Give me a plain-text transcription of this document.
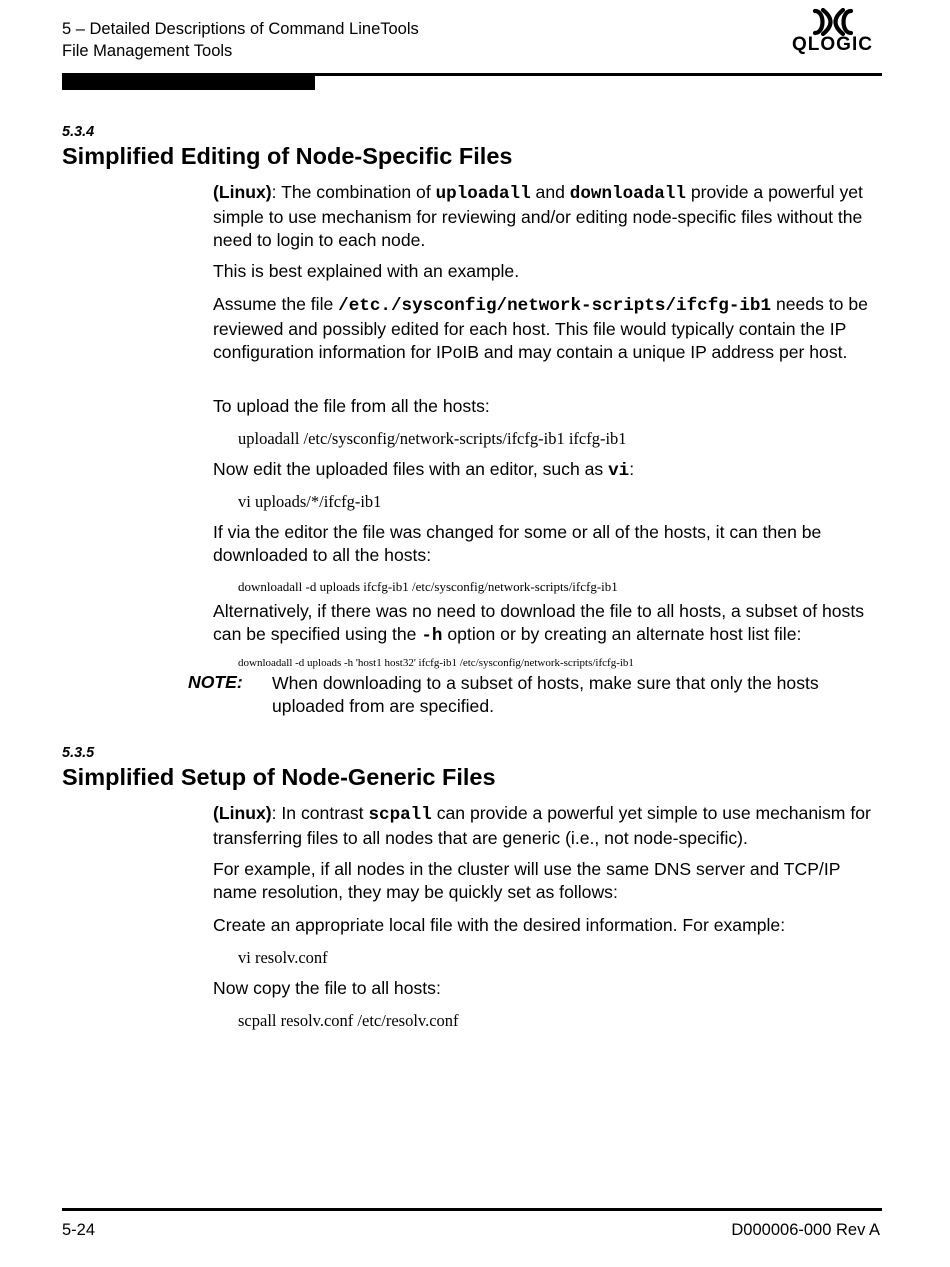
5 – Detailed Descriptions of Command LineTools
File Management Tools	QLOGIC
5.3.4
Simplified Editing of Node-Specific Files
(Linux): The combination of uploadall and downloadall provide a powerful yet simple to use mechanism for reviewing and/or editing node-specific files without the need to login to each node.
This is best explained with an example.
Assume the file /etc./sysconfig/network-scripts/ifcfg-ib1 needs to be reviewed and possibly edited for each host. This file would typically contain the IP configuration information for IPoIB and may contain a unique IP address per host.
To upload the file from all the hosts:
uploadall /etc/sysconfig/network-scripts/ifcfg-ib1 ifcfg-ib1
Now edit the uploaded files with an editor, such as vi:
vi uploads/*/ifcfg-ib1
If via the editor the file was changed for some or all of the hosts, it can then be downloaded to all the hosts:
downloadall -d uploads ifcfg-ib1 /etc/sysconfig/network-scripts/ifcfg-ib1
Alternatively, if there was no need to download the file to all hosts, a subset of hosts can be specified using the -h option or by creating an alternate host list file:
downloadall -d uploads -h 'host1 host32' ifcfg-ib1 /etc/sysconfig/network-scripts/ifcfg-ib1
NOTE: When downloading to a subset of hosts, make sure that only the hosts uploaded from are specified.
5.3.5
Simplified Setup of Node-Generic Files
(Linux): In contrast scpall can provide a powerful yet simple to use mechanism for transferring files to all nodes that are generic (i.e., not node-specific).
For example, if all nodes in the cluster will use the same DNS server and TCP/IP name resolution, they may be quickly set as follows:
Create an appropriate local file with the desired information. For example:
vi resolv.conf
Now copy the file to all hosts:
scpall resolv.conf /etc/resolv.conf
5-24	D000006-000 Rev A
